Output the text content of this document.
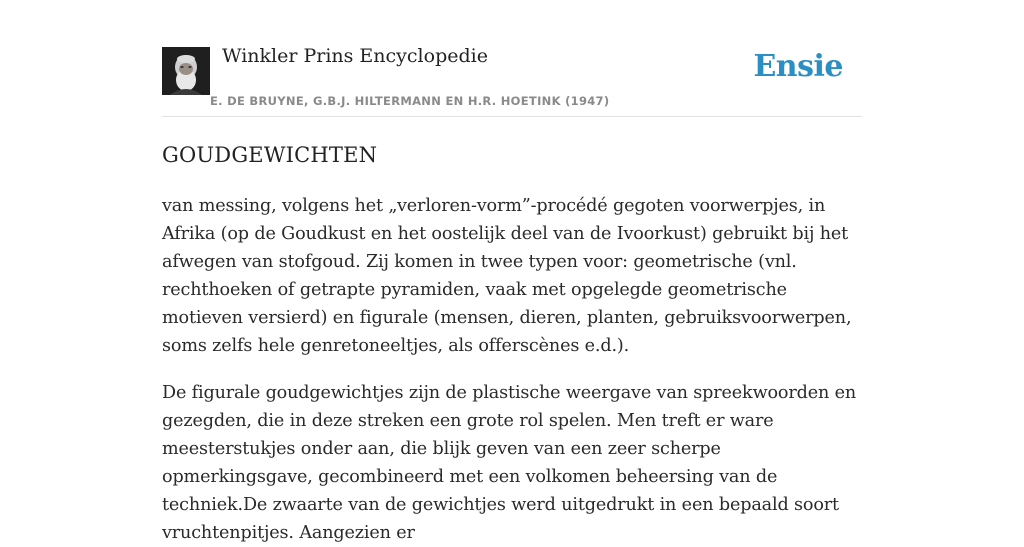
Winkler Prins Encyclopedie
E. DE BRUYNE, G.B.J. HILTERMANN EN H.R. HOETINK (1947)
Ensie
GOUDGEWICHTEN

van messing, volgens het „verloren-vorm”-procédé gegoten voorwerpjes, in Afrika (op de Goudkust en het oostelijk deel van de Ivoorkust) gebruikt bij het afwegen van stofgoud. Zij komen in twee typen voor: geometrische (vnl. rechthoeken of getrapte pyramiden, vaak met opgelegde geometrische motieven versierd) en figurale (mensen, dieren, planten, gebruiksvoorwerpen, soms zelfs hele genretoneeltjes, als offerscènes e.d.).

De figurale goudgewichtjes zijn de plastische weergave van spreekwoorden en gezegden, die in deze streken een grote rol spelen. Men treft er ware meesterstukjes onder aan, die blijk geven van een zeer scherpe opmerkingsgave, gecombineerd met een volkomen beheersing van de techniek.De zwaarte van de gewichtjes werd uitgedrukt in een bepaald soort vruchtenpitjes. Aangezien er
